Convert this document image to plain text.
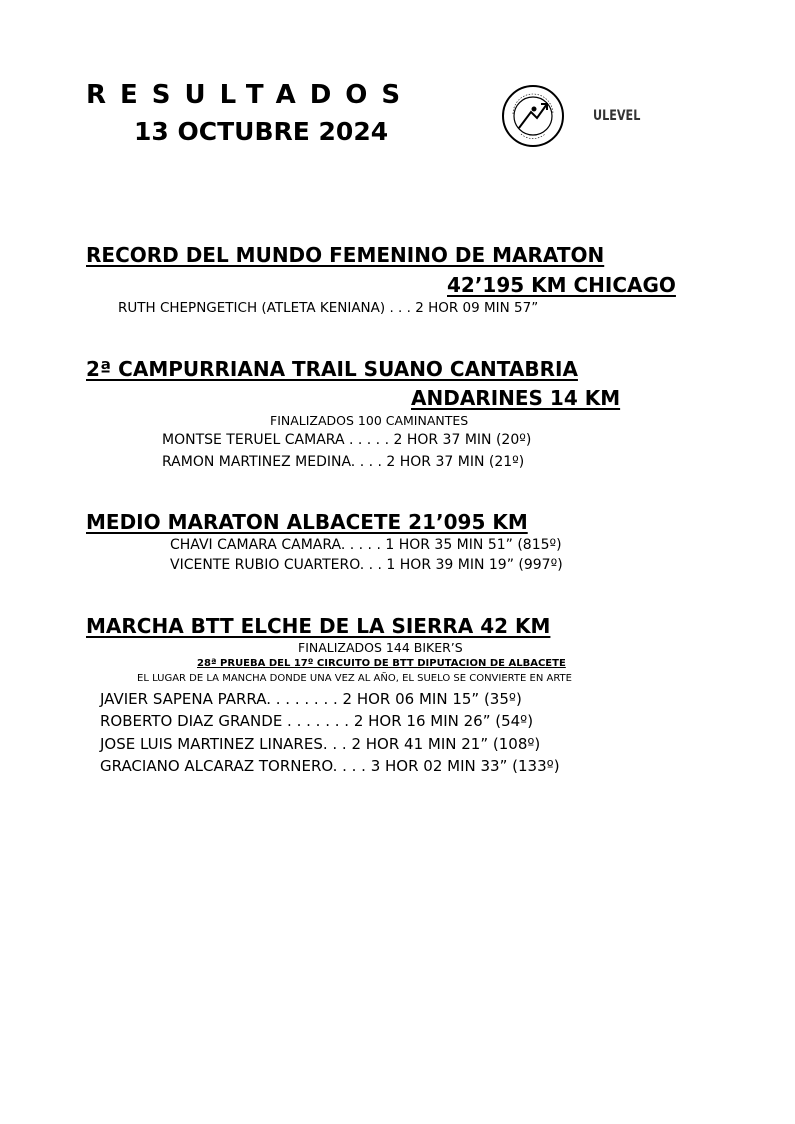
RESULTADOS
13 OCTUBRE 2024
ULEVEL
RECORD DEL MUNDO FEMENINO DE MARATON
42’195 KM CHICAGO
RUTH CHEPNGETICH (ATLETA KENIANA) . . . 2 HOR 09 MIN 57”
2ª CAMPURRIANA TRAIL SUANO CANTABRIA
ANDARINES 14 KM
FINALIZADOS 100 CAMINANTES
MONTSE TERUEL CAMARA . . . . . 2 HOR 37 MIN (20º)
RAMON MARTINEZ MEDINA. . . . 2 HOR 37 MIN (21º)
MEDIO MARATON ALBACETE 21’095 KM
CHAVI CAMARA CAMARA. . . . . 1 HOR 35 MIN 51” (815º)
VICENTE RUBIO CUARTERO. . . 1 HOR 39 MIN 19” (997º)
MARCHA BTT ELCHE DE LA SIERRA 42 KM
FINALIZADOS 144 BIKER’S
28ª PRUEBA DEL 17º CIRCUITO DE BTT DIPUTACION DE ALBACETE
EL LUGAR DE LA MANCHA DONDE UNA VEZ AL AÑO, EL SUELO SE CONVIERTE EN ARTE
JAVIER SAPENA PARRA. . . . . . . . 2 HOR 06 MIN 15” (35º)
ROBERTO DIAZ GRANDE . . . . . . . 2 HOR 16 MIN 26” (54º)
JOSE LUIS MARTINEZ LINARES. . . 2 HOR 41 MIN 21” (108º)
GRACIANO ALCARAZ TORNERO. . . . 3 HOR 02 MIN 33” (133º)
